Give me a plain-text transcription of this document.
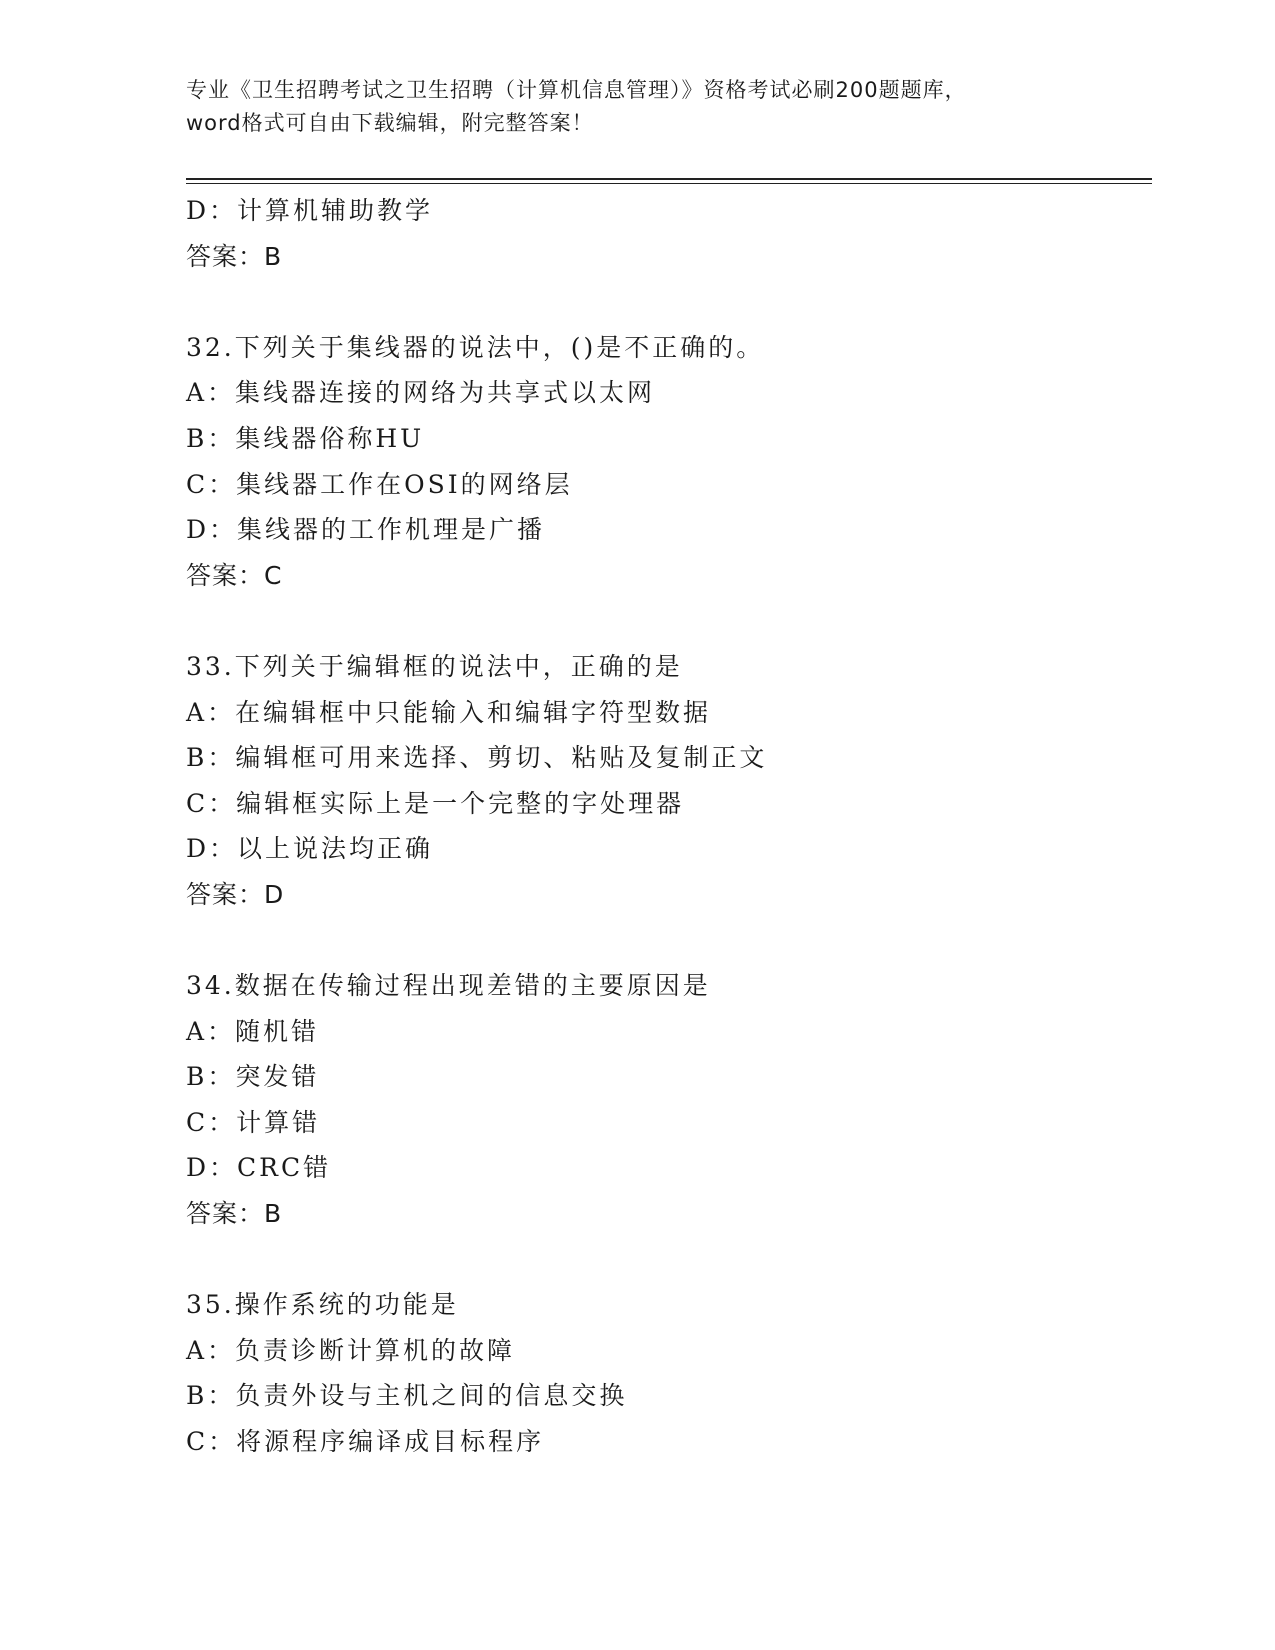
专业《卫生招聘考试之卫生招聘（计算机信息管理）》资格考试必刷200题题库，
word格式可自由下载编辑，附完整答案！
D：计算机辅助教学
答案：B
32.下列关于集线器的说法中，()是不正确的。
A：集线器连接的网络为共享式以太网
B：集线器俗称HU
C：集线器工作在OSI的网络层
D：集线器的工作机理是广播
答案：C
33.下列关于编辑框的说法中，正确的是
A：在编辑框中只能输入和编辑字符型数据
B：编辑框可用来选择、剪切、粘贴及复制正文
C：编辑框实际上是一个完整的字处理器
D：以上说法均正确
答案：D
34.数据在传输过程出现差错的主要原因是
A：随机错
B：突发错
C：计算错
D：CRC错
答案：B
35.操作系统的功能是
A：负责诊断计算机的故障
B：负责外设与主机之间的信息交换
C：将源程序编译成目标程序
